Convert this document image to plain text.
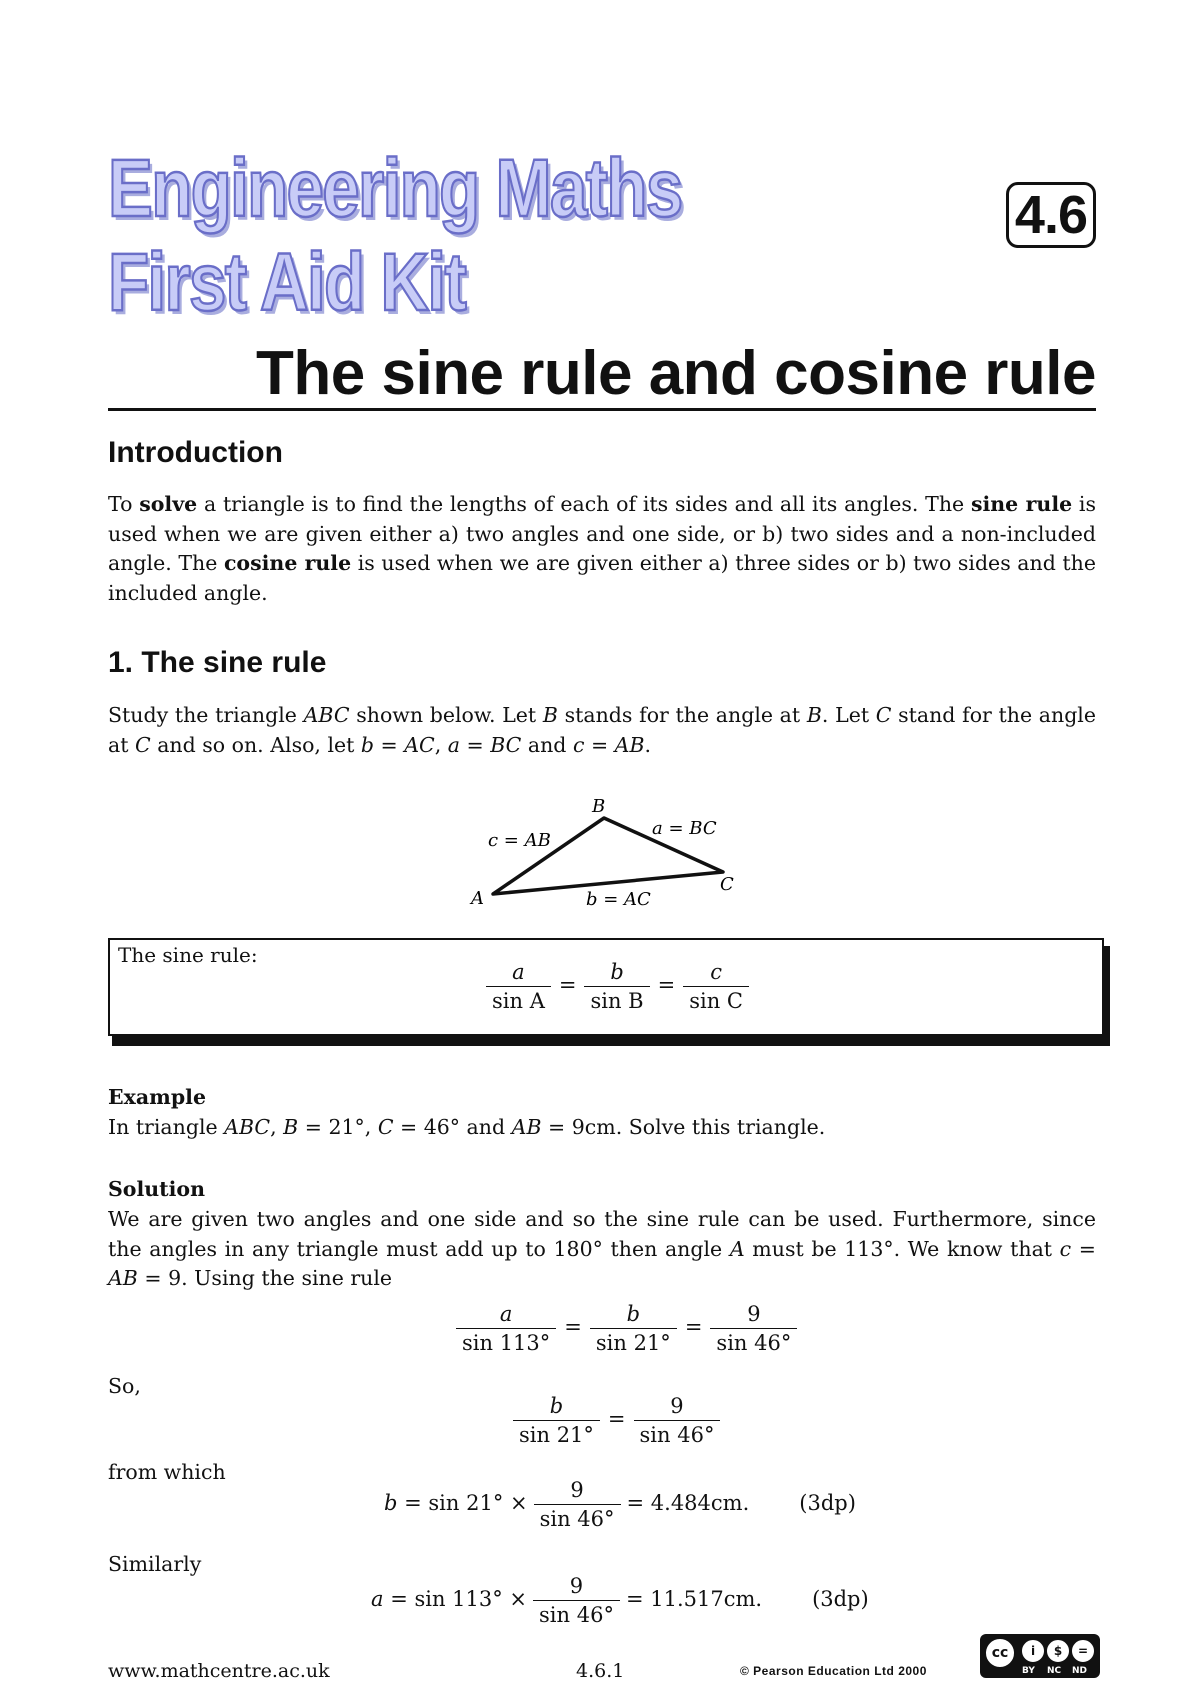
Engineering Maths
First Aid Kit
4.6
The sine rule and cosine rule
Introduction
To solve a triangle is to find the lengths of each of its sides and all its angles. The sine rule is used when we are given either a) two angles and one side, or b) two sides and a non-included angle. The cosine rule is used when we are given either a) three sides or b) two sides and the included angle.
1. The sine rule
Study the triangle ABC shown below. Let B stands for the angle at B. Let C stand for the angle at C and so on. Also, let b = AC, a = BC and c = AB.
A
B
C
c = AB
a = BC
b = AC
The sine rule:
$\frac{a}{\text{sin A}} = \frac{b}{\text{sin B}} = \frac{c}{\text{sin C}}$
Example
In triangle ABC, B = 21°, C = 46° and AB = 9cm. Solve this triangle.
Solution
We are given two angles and one side and so the sine rule can be used. Furthermore, since the angles in any triangle must add up to 180° then angle A must be 113°. We know that c = AB = 9. Using the sine rule
$\frac{a}{\sin 113^\circ} = \frac{b}{\sin 21^\circ} = \frac{9}{\sin 46^\circ}$
So,
$\frac{b}{\sin 21^\circ} = \frac{9}{\sin 46^\circ}$
from which
$b = \sin 21^\circ \times \frac{9}{\sin 46^\circ} = 4.484cm$. (3dp)
Similarly
$a = \sin 113^\circ \times \frac{9}{\sin 46^\circ} = 11.517cm$. (3dp)
www.mathcentre.ac.uk	4.6.1	© Pearson Education Ltd 2000
cc	i	$	=
BY NC ND
